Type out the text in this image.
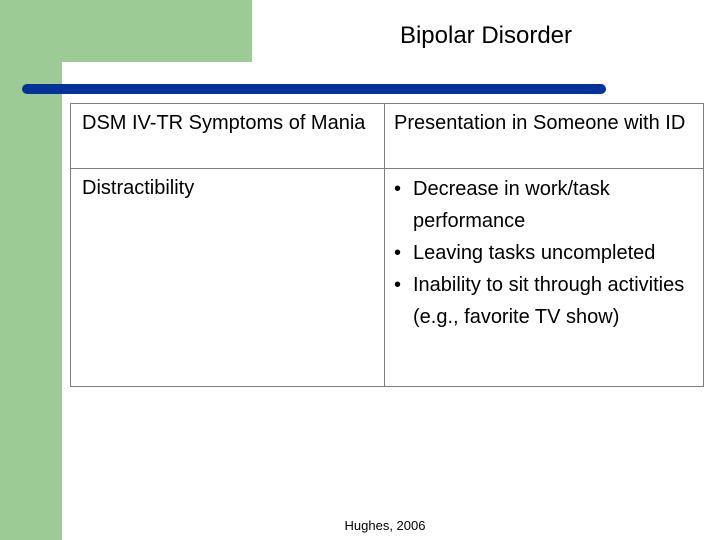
Bipolar Disorder
DSM IV-TR Symptoms of Mania	Presentation in Someone with ID
Distractibility	• Decrease in work/task performance
• Leaving tasks uncompleted
• Inability to sit through activities (e.g., favorite TV show)
Hughes, 2006
